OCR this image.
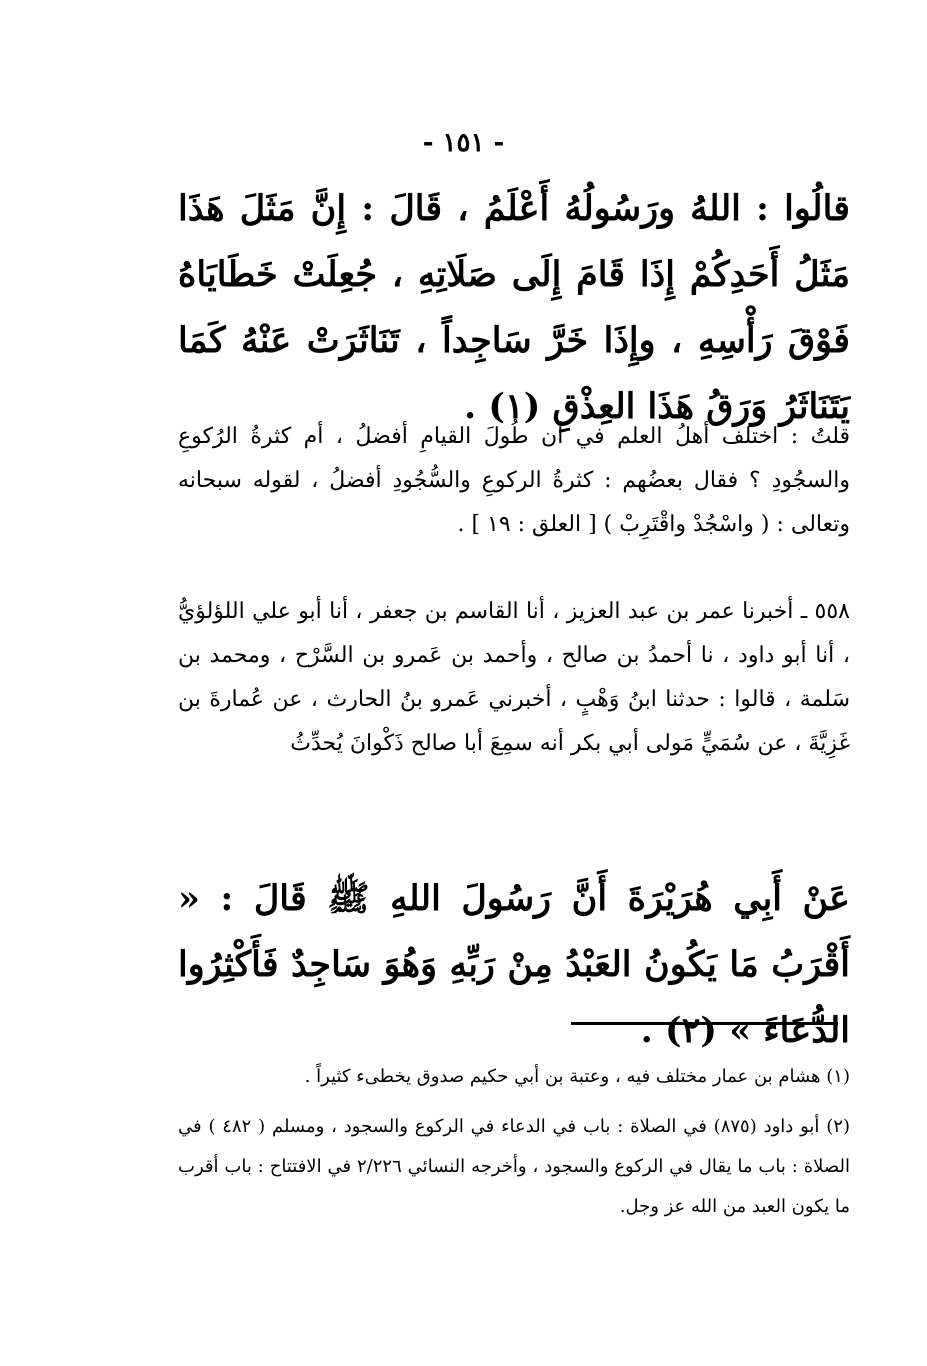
- ١٥١ -

قالُوا : اللهُ ورَسُولُهُ أَعْلَمُ ، قَالَ : إِنَّ مَثَلَ هَذَا مَثَلُ أَحَدِكُمْ إِذَا قَامَ إِلَى صَلَاتِهِ ، جُعِلَتْ خَطَايَاهُ فَوْقَ رَأْسِهِ ، وإِذَا خَرَّ سَاجِداً ، تَنَاثَرَتْ عَنْهُ كَمَا يَتَنَاثَرُ وَرَقُ هَذَا العِذْقِ (١) .

قلتُ : اختلف أهلُ العلم في أن طُولَ القيامِ أفضلُ ، أم كثرةُ الرُكوعِ والسجُودِ ؟ فقال بعضُهم : كثرةُ الركوعِ والسُّجُودِ أفضلُ ، لقوله سبحانه وتعالى : ( واسْجُدْ واقْتَرِبْ ) [ العلق : ١٩ ] .

٥٥٨ ـ أخبرنا عمر بن عبد العزيز ، أنا القاسم بن جعفر ، أنا أبو علي اللؤلؤيُّ ، أنا أبو داود ، نا أحمدُ بن صالح ، وأحمد بن عَمرو بن السَّرْح ، ومحمد بن سَلمة ، قالوا : حدثنا ابنُ وَهْبٍ ، أخبرني عَمرو بنُ الحارث ، عن عُمارةَ بن غَزِيَّةَ ، عن سُمَيٍّ مَولى أبي بكر أنه سمِعَ أبا صالح ذَكْوانَ يُحدِّثُ

عَنْ أَبِي هُرَيْرَةَ أَنَّ رَسُولَ اللهِ ﷺ قَالَ : « أَقْرَبُ مَا يَكُونُ العَبْدُ مِنْ رَبِّهِ وَهُوَ سَاجِدٌ فَأَكْثِرُوا الدُّعَاءَ » (٢) .

(١) هشام بن عمار مختلف فيه ، وعتبة بن أبي حكيم صدوق يخطىء كثيراً .

(٢) أبو داود (٨٧٥) في الصلاة : باب في الدعاء في الركوع والسجود ، ومسلم ( ٤٨٢ ) في الصلاة : باب ما يقال في الركوع والسجود ، وأخرجه النسائي ٢/٢٢٦ في الافتتاح : باب أقرب ما يكون العبد من الله عز وجل.
